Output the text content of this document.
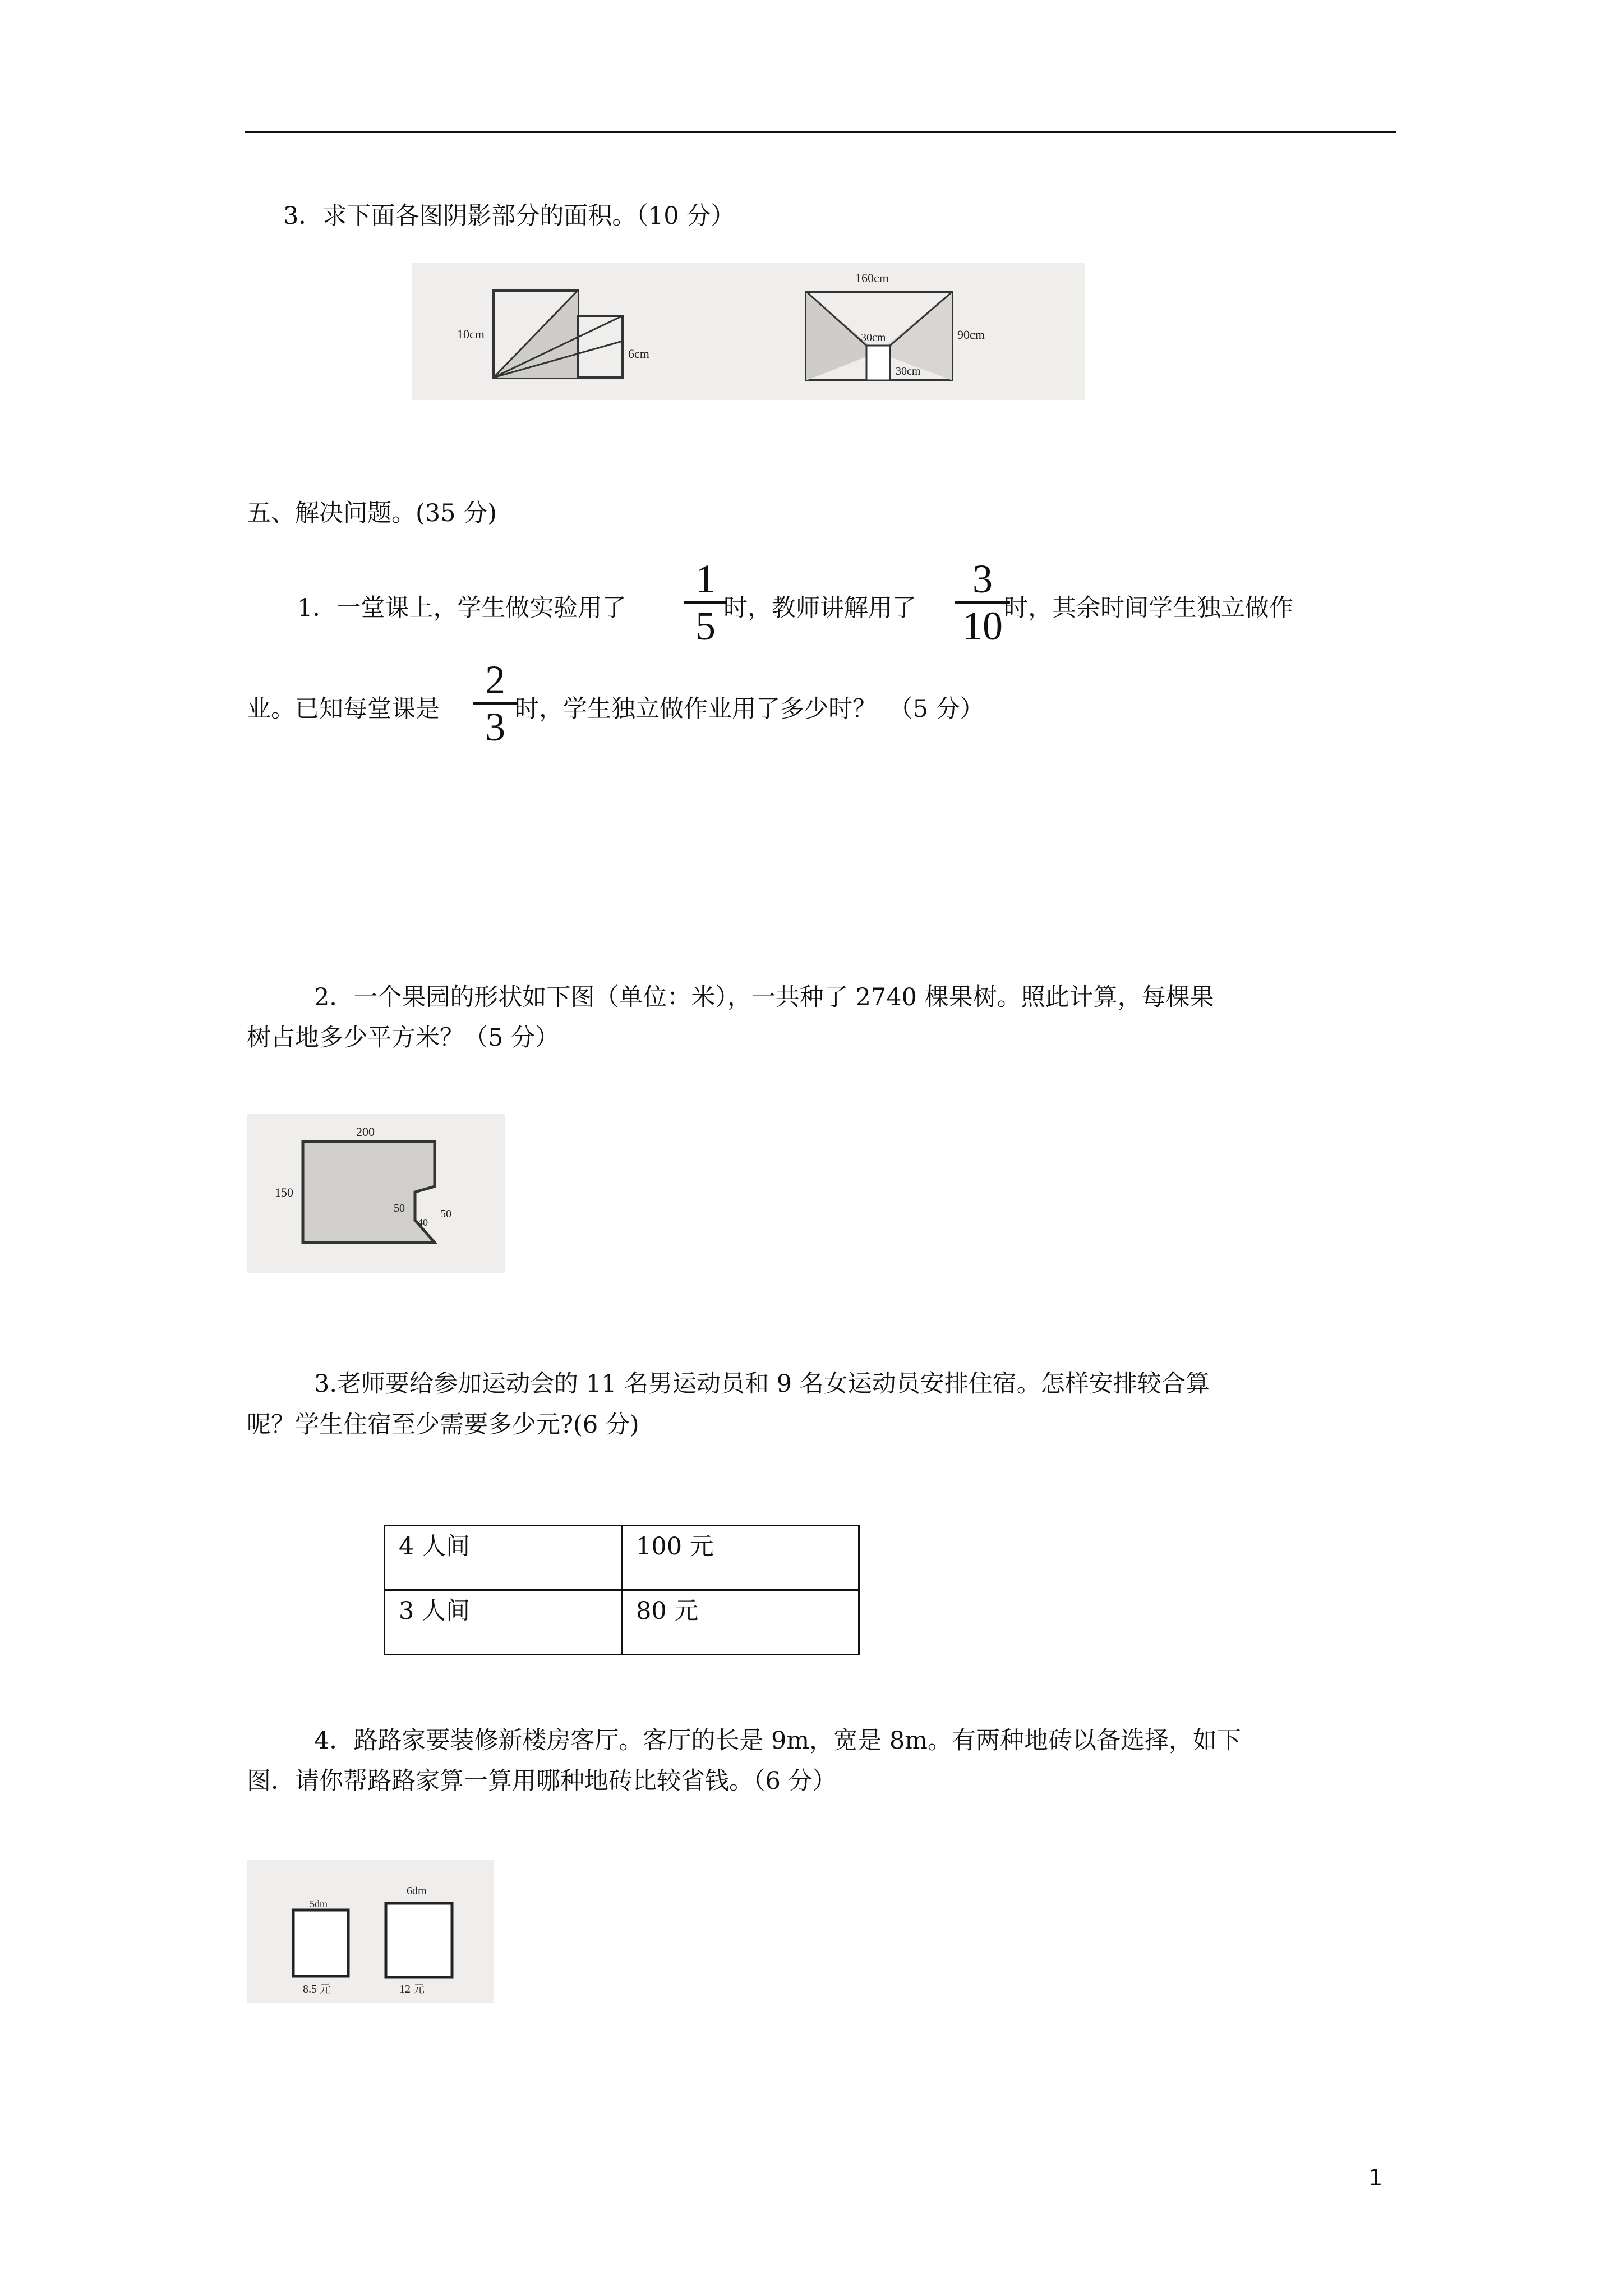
3．求下面各图阴影部分的面积。（10 分）
10cm
6cm
160cm
90cm
30cm
30cm
五、解决问题。(35 分)
1．一堂课上，学生做实验用了
1
5 时，教师讲解用了
3
10 时，其余时间学生独立做作
业。已知每堂课是
2
3 时，学生独立做作业用了多少时？　（5 分）
2．一个果园的形状如下图（单位：米），一共种了 2740 棵果树。照此计算，每棵果
树占地多少平方米？（5 分）
200
150
50
40
50
3.老师要给参加运动会的 11 名男运动员和 9 名女运动员安排住宿。怎样安排较合算
呢？学生住宿至少需要多少元?(6 分)
4 人间	100 元
3 人间	80 元
4．路路家要装修新楼房客厅。客厅的长是 9m，宽是 8m。有两种地砖以备选择，如下
图．请你帮路路家算一算用哪种地砖比较省钱。（6 分）
5dm
6dm
8.5 元	12 元
1
